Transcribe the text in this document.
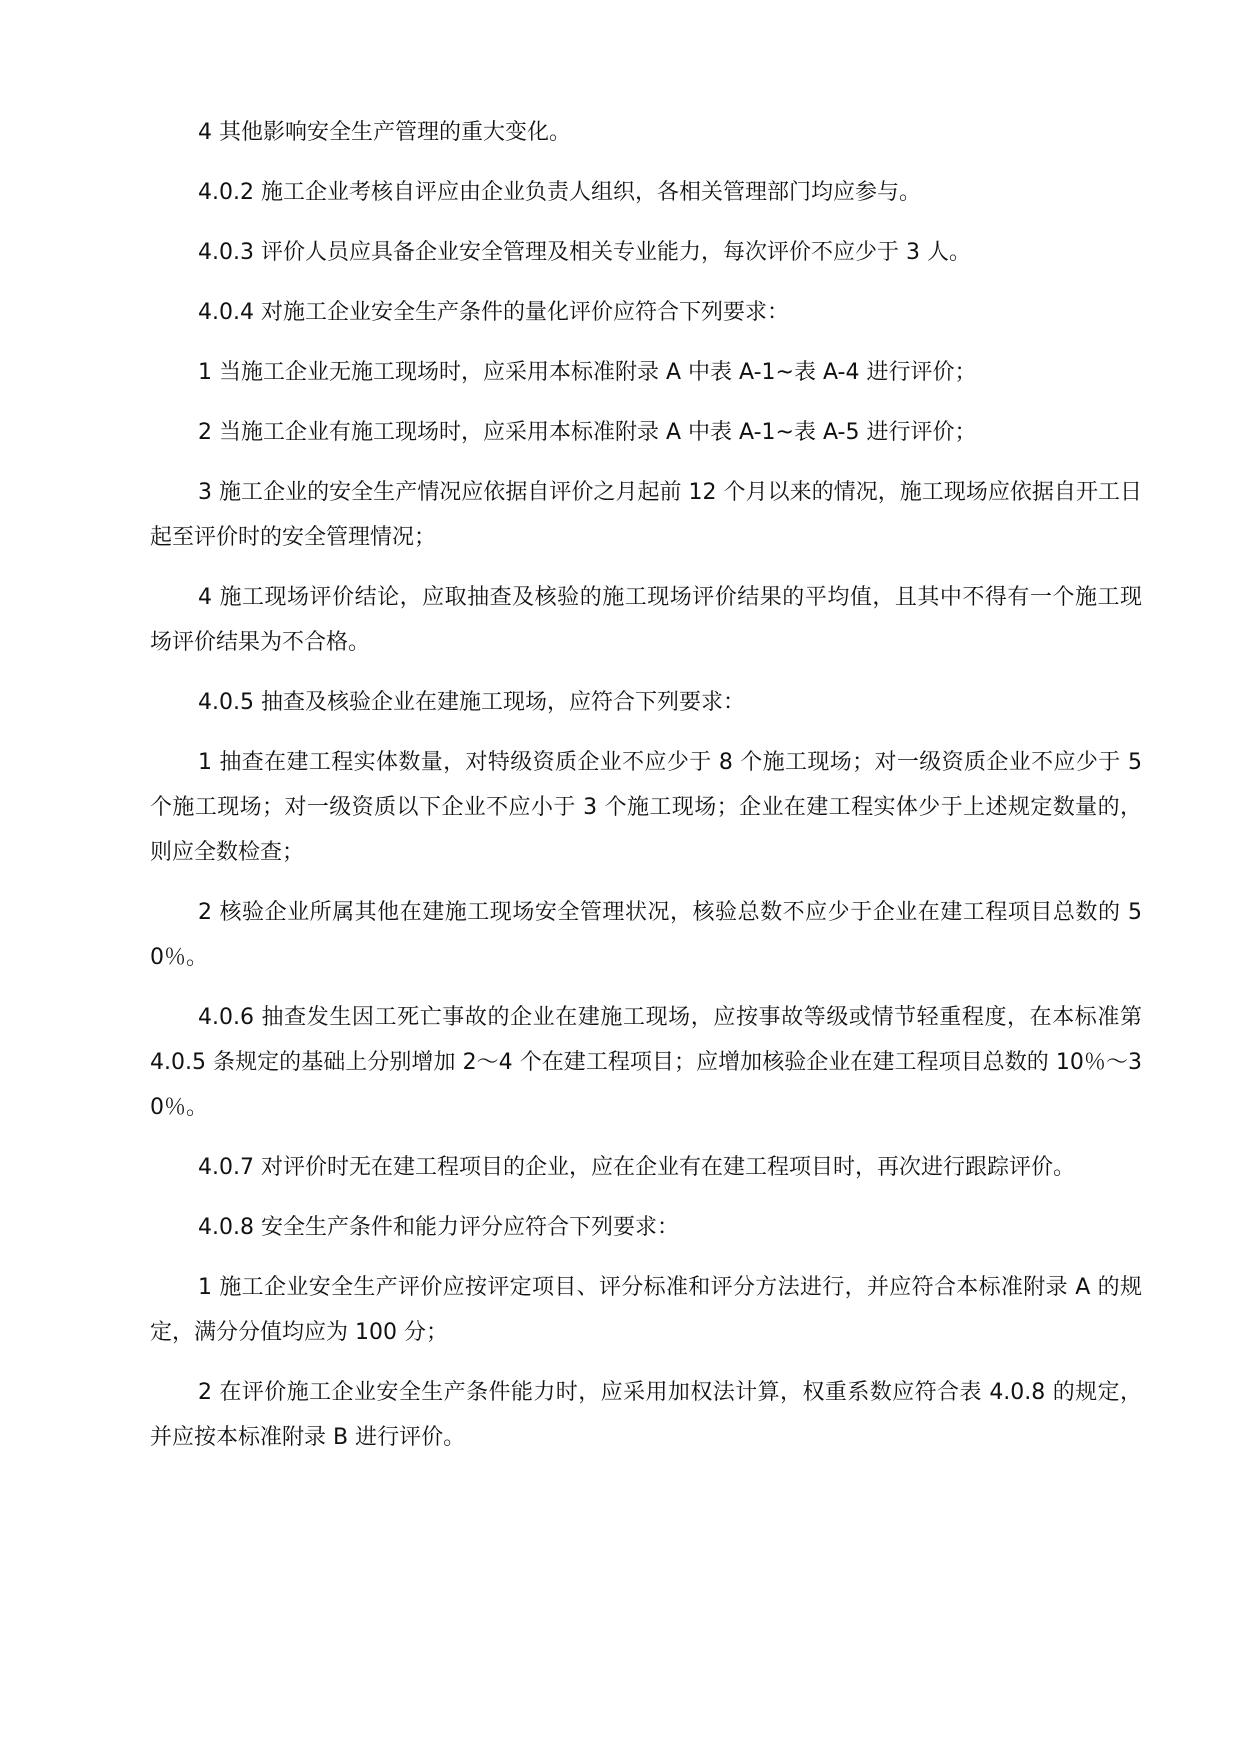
4 其他影响安全生产管理的重大变化。

4.0.2 施工企业考核自评应由企业负责人组织，各相关管理部门均应参与。

4.0.3 评价人员应具备企业安全管理及相关专业能力，每次评价不应少于 3 人。

4.0.4 对施工企业安全生产条件的量化评价应符合下列要求：

1 当施工企业无施工现场时，应采用本标准附录 A 中表 A-1~表 A-4 进行评价；

2 当施工企业有施工现场时，应采用本标准附录 A 中表 A-1~表 A-5 进行评价；

3 施工企业的安全生产情况应依据自评价之月起前 12 个月以来的情况，施工现场应依据自开工日起至评价时的安全管理情况；

4 施工现场评价结论，应取抽查及核验的施工现场评价结果的平均值，且其中不得有一个施工现场评价结果为不合格。

4.0.5 抽查及核验企业在建施工现场，应符合下列要求：

1 抽查在建工程实体数量，对特级资质企业不应少于 8 个施工现场；对一级资质企业不应少于 5 个施工现场；对一级资质以下企业不应小于 3 个施工现场；企业在建工程实体少于上述规定数量的，则应全数检查；

2 核验企业所属其他在建施工现场安全管理状况，核验总数不应少于企业在建工程项目总数的 50％。

4.0.6 抽查发生因工死亡事故的企业在建施工现场，应按事故等级或情节轻重程度，在本标准第 4.0.5 条规定的基础上分别增加 2～4 个在建工程项目；应增加核验企业在建工程项目总数的 10％～30％。

4.0.7 对评价时无在建工程项目的企业，应在企业有在建工程项目时，再次进行跟踪评价。

4.0.8 安全生产条件和能力评分应符合下列要求：

1 施工企业安全生产评价应按评定项目、评分标准和评分方法进行，并应符合本标准附录 A 的规定，满分分值均应为 100 分；

2 在评价施工企业安全生产条件能力时，应采用加权法计算，权重系数应符合表 4.0.8 的规定，并应按本标准附录 B 进行评价。
